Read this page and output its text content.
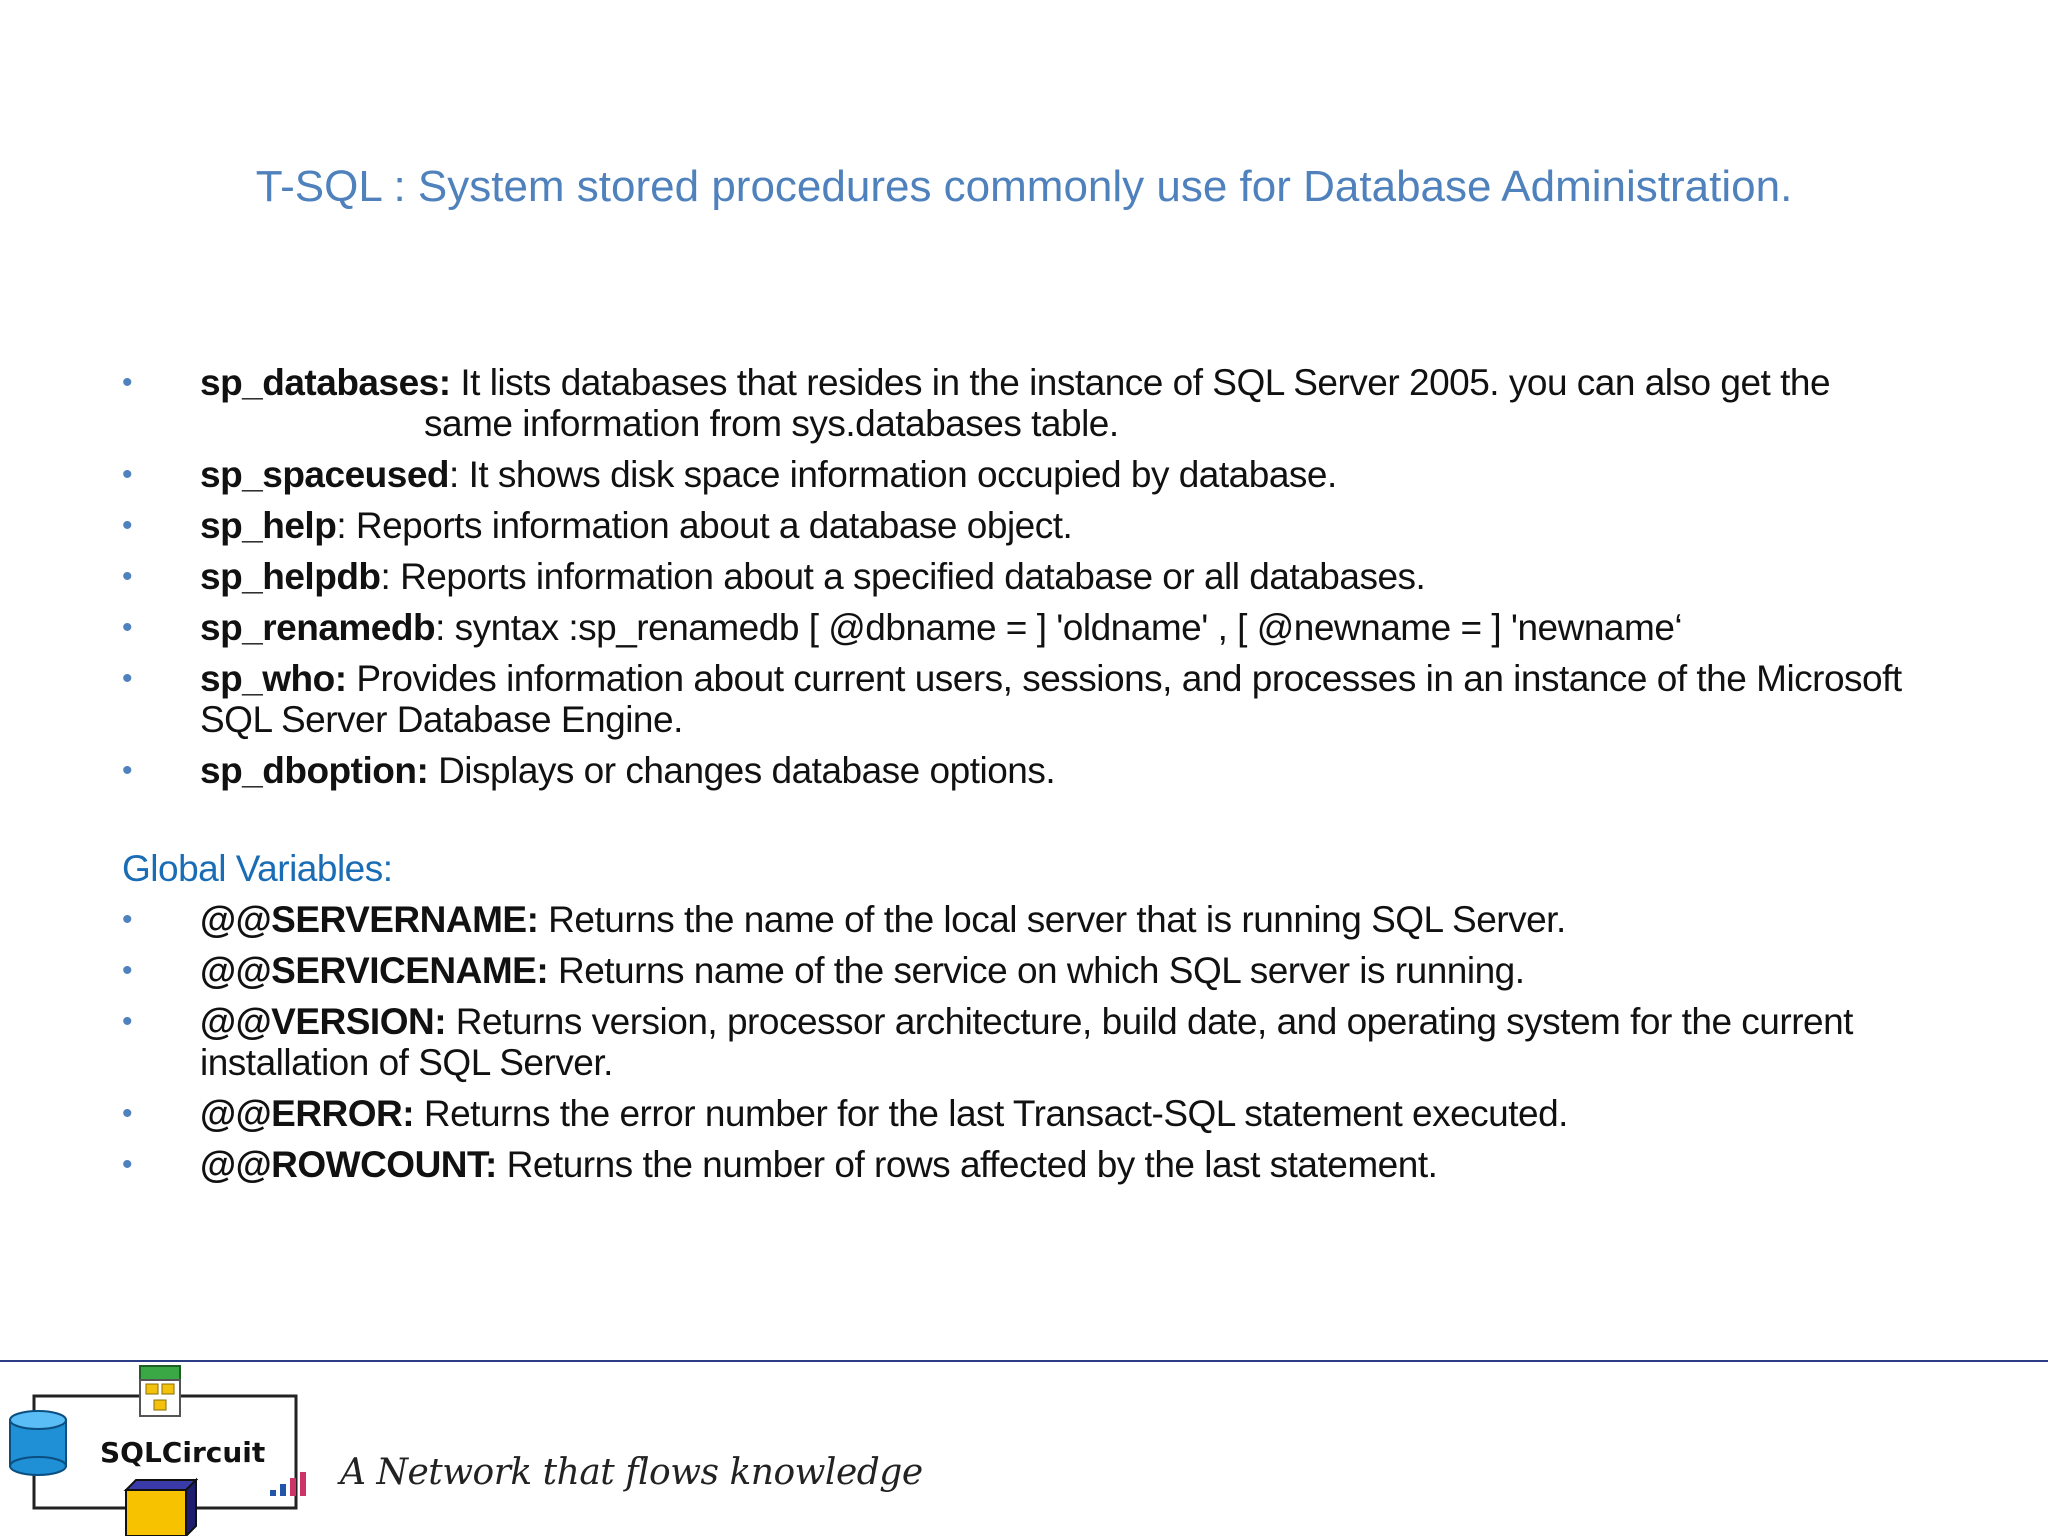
T-SQL : System stored procedures commonly use for Database Administration.
• sp_databases: It lists databases that resides in the instance of SQL Server 2005. you can also get the
same information from sys.databases table.
• sp_spaceused: It shows disk space information occupied by database.
• sp_help: Reports information about a database object.
• sp_helpdb: Reports information about a specified database or all databases.
• sp_renamedb: syntax :sp_renamedb [ @dbname = ] 'oldname' , [ @newname = ] 'newname‘
• sp_who: Provides information about current users, sessions, and processes in an instance of the Microsoft SQL Server Database Engine.
• sp_dboption: Displays or changes database options.
Global Variables:
• @@SERVERNAME: Returns the name of the local server that is running SQL Server.
• @@SERVICENAME: Returns name of the service on which SQL server is running.
• @@VERSION: Returns version, processor architecture, build date, and operating system for the current installation of SQL Server.
• @@ERROR: Returns the error number for the last Transact-SQL statement executed.
• @@ROWCOUNT: Returns the number of rows affected by the last statement.
SQLCircuit A Network that flows knowledge
